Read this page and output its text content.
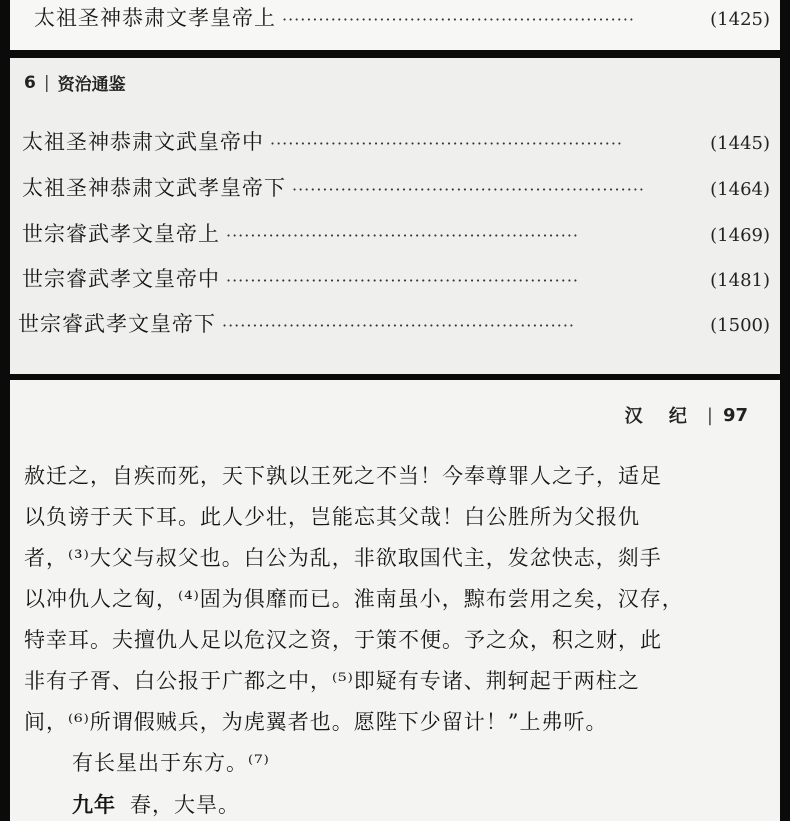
太祖圣神恭肃文孝皇帝上 ··························································	(1425)
6 | 资治通鉴
太祖圣神恭肃文武皇帝中 ··························································	(1445)
太祖圣神恭肃文武孝皇帝下 ··························································	(1464)
世宗睿武孝文皇帝上 ··························································	(1469)
世宗睿武孝文皇帝中 ··························································	(1481)
世宗睿武孝文皇帝下 ··························································	(1500)
汉 纪 | 97
赦迁之，自疾而死，天下孰以王死之不当！今奉尊罪人之子，适足
以负谤于天下耳。此人少壮，岂能忘其父哉！白公胜所为父报仇
者，⁽³⁾大父与叔父也。白公为乱，非欲取国代主，发忿快志，剡手
以冲仇人之匈，⁽⁴⁾固为俱靡而已。淮南虽小，黥布尝用之矣，汉存，
特幸耳。夫擅仇人足以危汉之资，于策不便。予之众，积之财，此
非有子胥、白公报于广都之中，⁽⁵⁾即疑有专诸、荆轲起于两柱之
间，⁽⁶⁾所谓假贼兵，为虎翼者也。愿陛下少留计！”上弗听。
有长星出于东方。⁽⁷⁾
九年 春，大旱。
